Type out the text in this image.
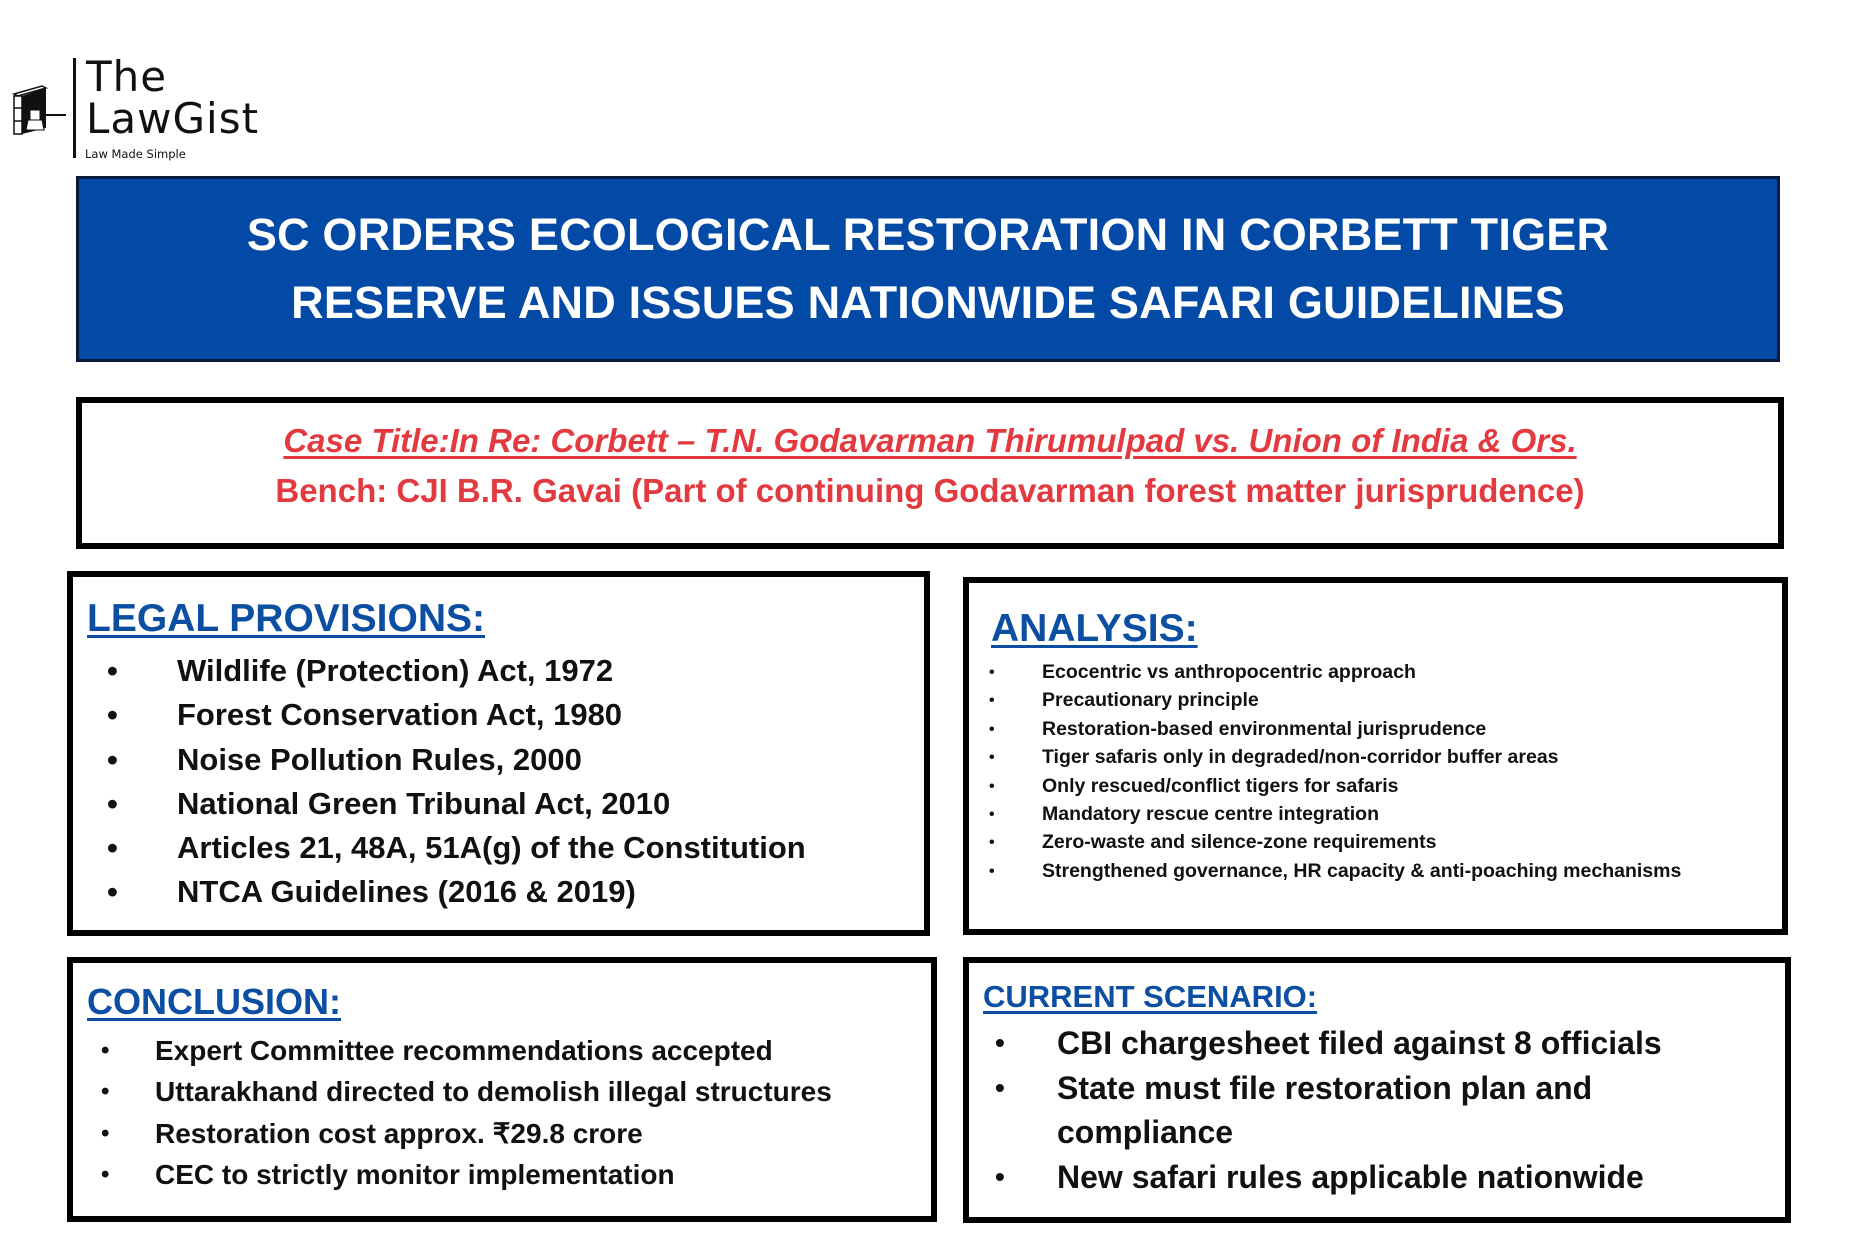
The
LawGist
Law Made Simple
SC ORDERS ECOLOGICAL RESTORATION IN CORBETT TIGER
RESERVE AND ISSUES NATIONWIDE SAFARI GUIDELINES
Case Title:In Re: Corbett – T.N. Godavarman Thirumulpad vs. Union of India & Ors.
Bench: CJI B.R. Gavai (Part of continuing Godavarman forest matter jurisprudence)
LEGAL PROVISIONS:
• Wildlife (Protection) Act, 1972
• Forest Conservation Act, 1980
• Noise Pollution Rules, 2000
• National Green Tribunal Act, 2010
• Articles 21, 48A, 51A(g) of the Constitution
• NTCA Guidelines (2016 & 2019)
ANALYSIS:
• Ecocentric vs anthropocentric approach
• Precautionary principle
• Restoration-based environmental jurisprudence
• Tiger safaris only in degraded/non-corridor buffer areas
• Only rescued/conflict tigers for safaris
• Mandatory rescue centre integration
• Zero-waste and silence-zone requirements
• Strengthened governance, HR capacity & anti-poaching mechanisms
CONCLUSION:
• Expert Committee recommendations accepted
• Uttarakhand directed to demolish illegal structures
• Restoration cost approx. ₹29.8 crore
• CEC to strictly monitor implementation
CURRENT SCENARIO:
• CBI chargesheet filed against 8 officials
• State must file restoration plan and
compliance
• New safari rules applicable nationwide
